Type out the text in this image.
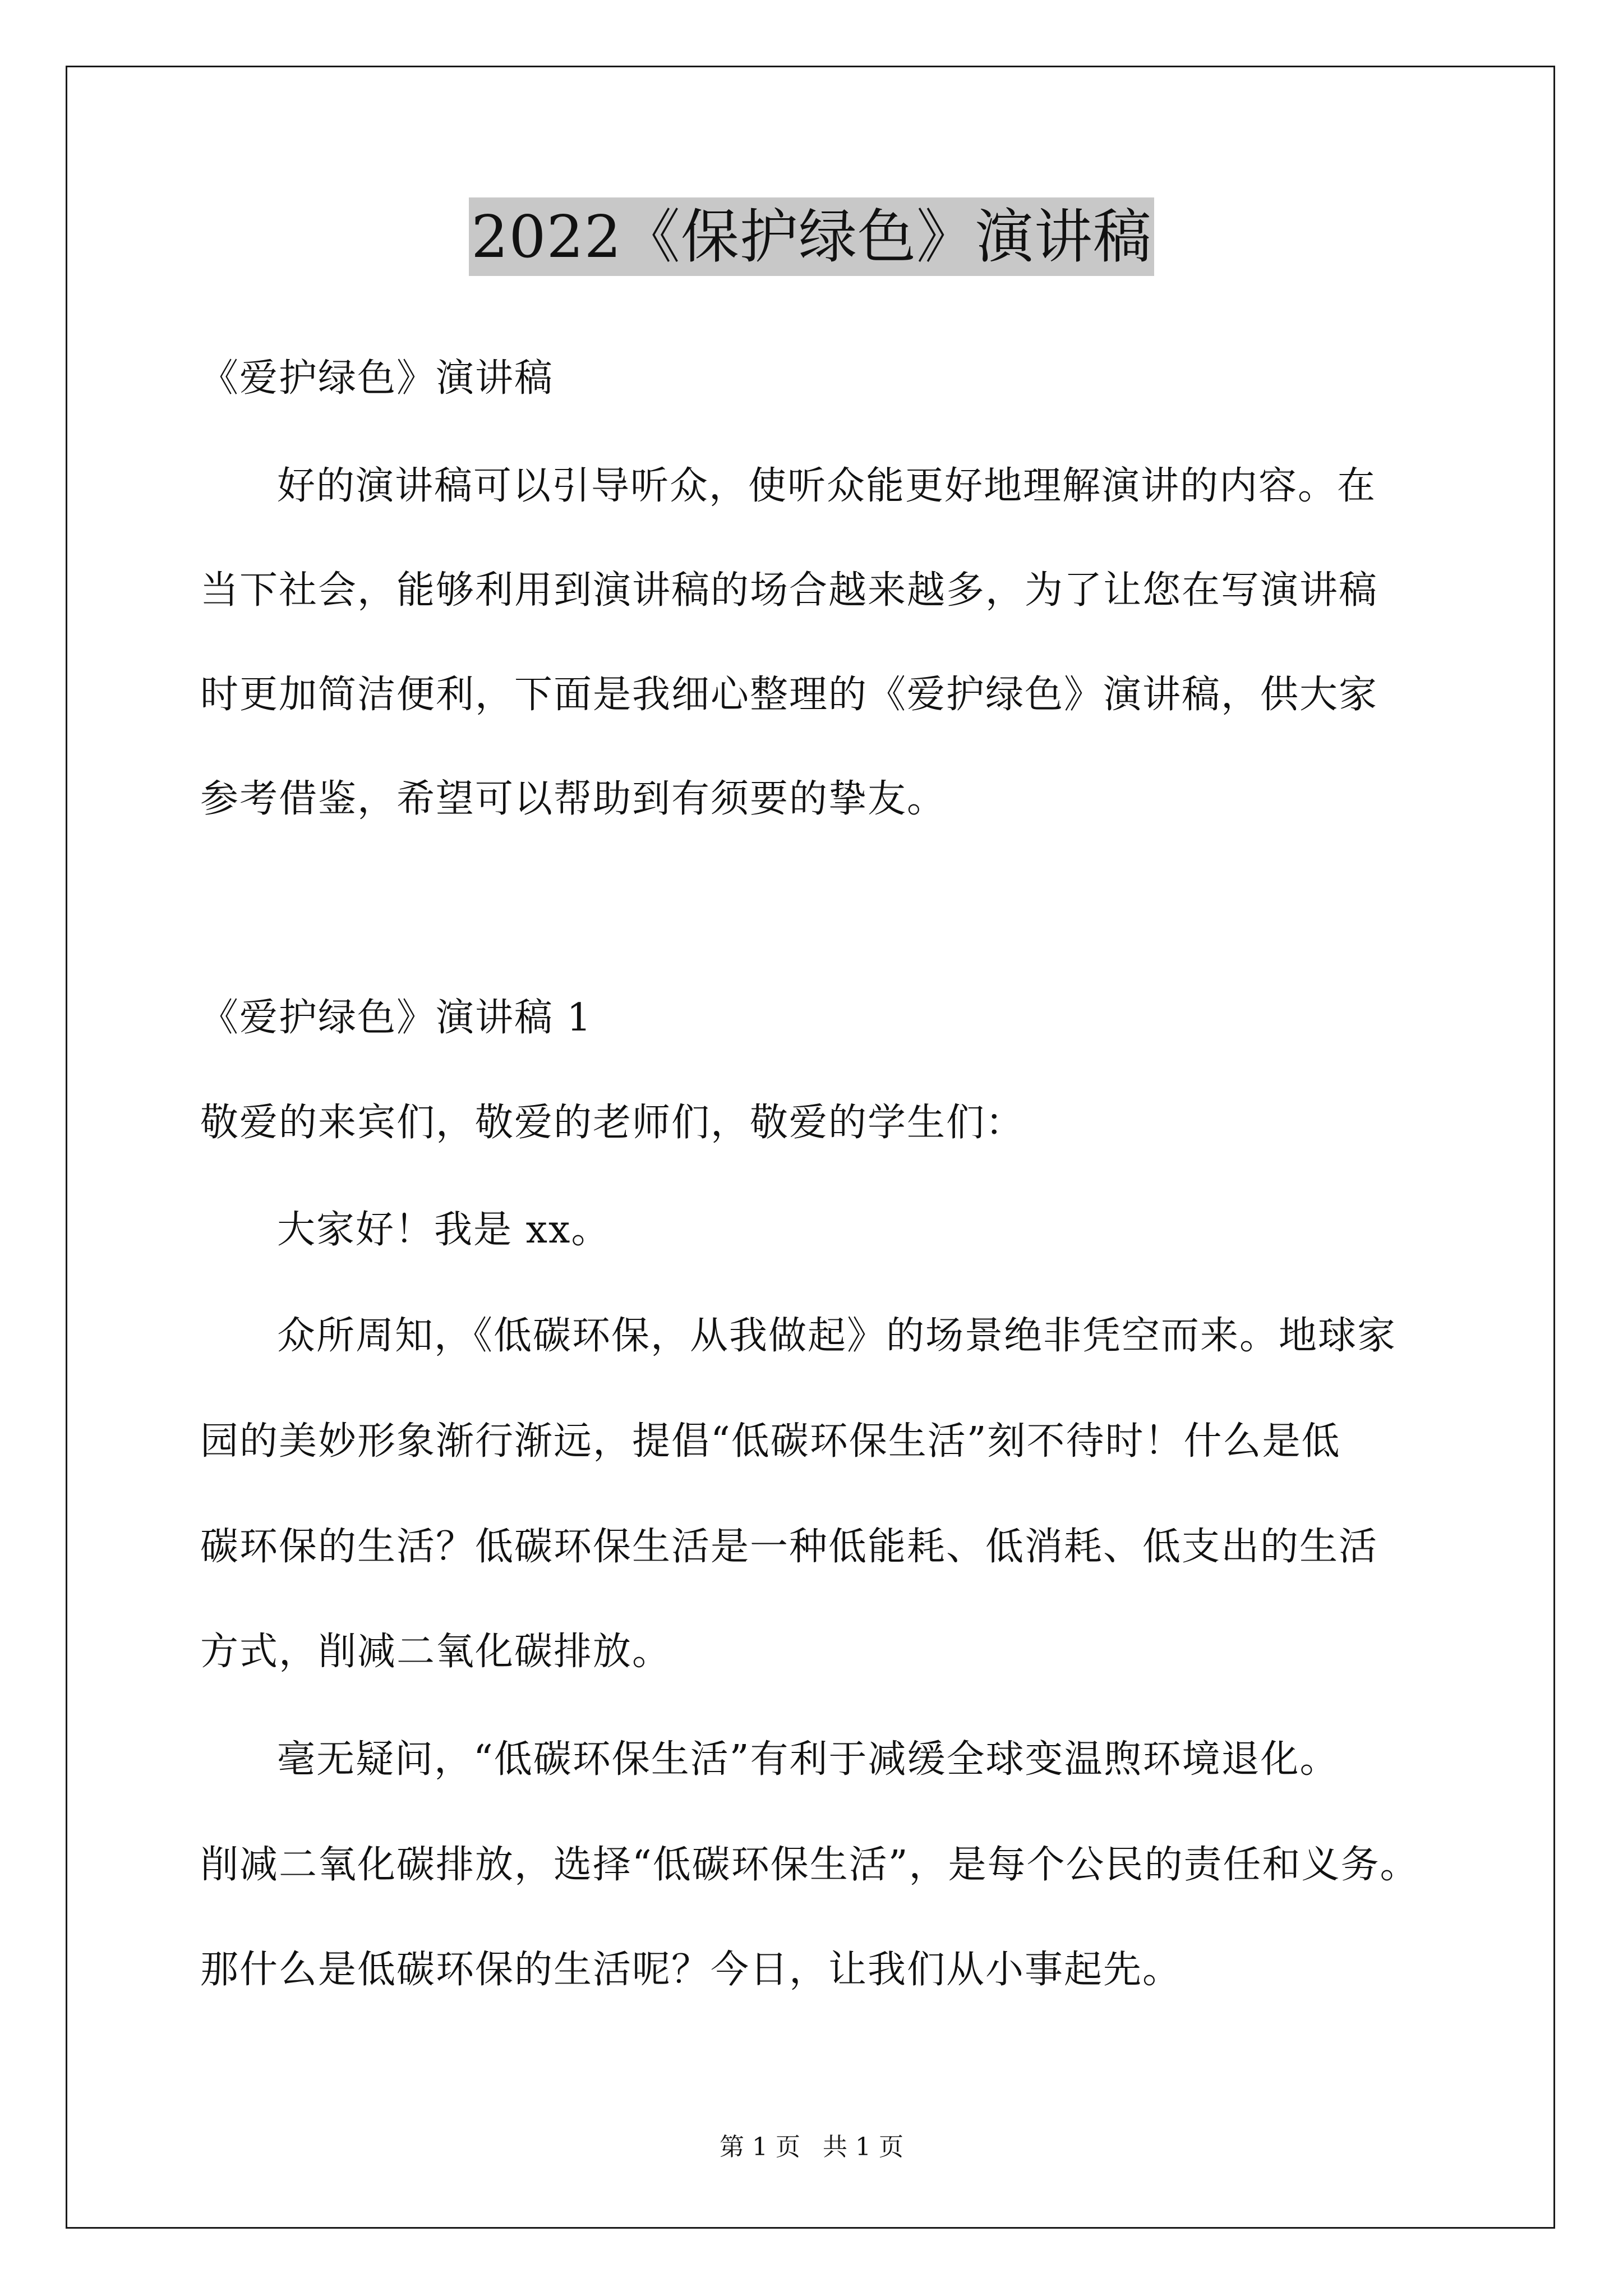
2022《保护绿色》演讲稿
《爱护绿色》演讲稿
好的演讲稿可以引导听众，使听众能更好地理解演讲的内容。在
当下社会，能够利用到演讲稿的场合越来越多，为了让您在写演讲稿
时更加简洁便利，下面是我细心整理的《爱护绿色》演讲稿，供大家
参考借鉴，希望可以帮助到有须要的挚友。
《爱护绿色》演讲稿 1
敬爱的来宾们，敬爱的老师们，敬爱的学生们：
大家好！我是 xx。
众所周知，《低碳环保，从我做起》的场景绝非凭空而来。地球家
园的美妙形象渐行渐远，提倡“低碳环保生活”刻不待时！什么是低
碳环保的生活？低碳环保生活是一种低能耗、低消耗、低支出的生活
方式，削减二氧化碳排放。
毫无疑问，“低碳环保生活”有利于减缓全球变温煦环境退化。
削减二氧化碳排放，选择“低碳环保生活”，是每个公民的责任和义务。
那什么是低碳环保的生活呢？今日，让我们从小事起先。
第 1 页 共 1 页
